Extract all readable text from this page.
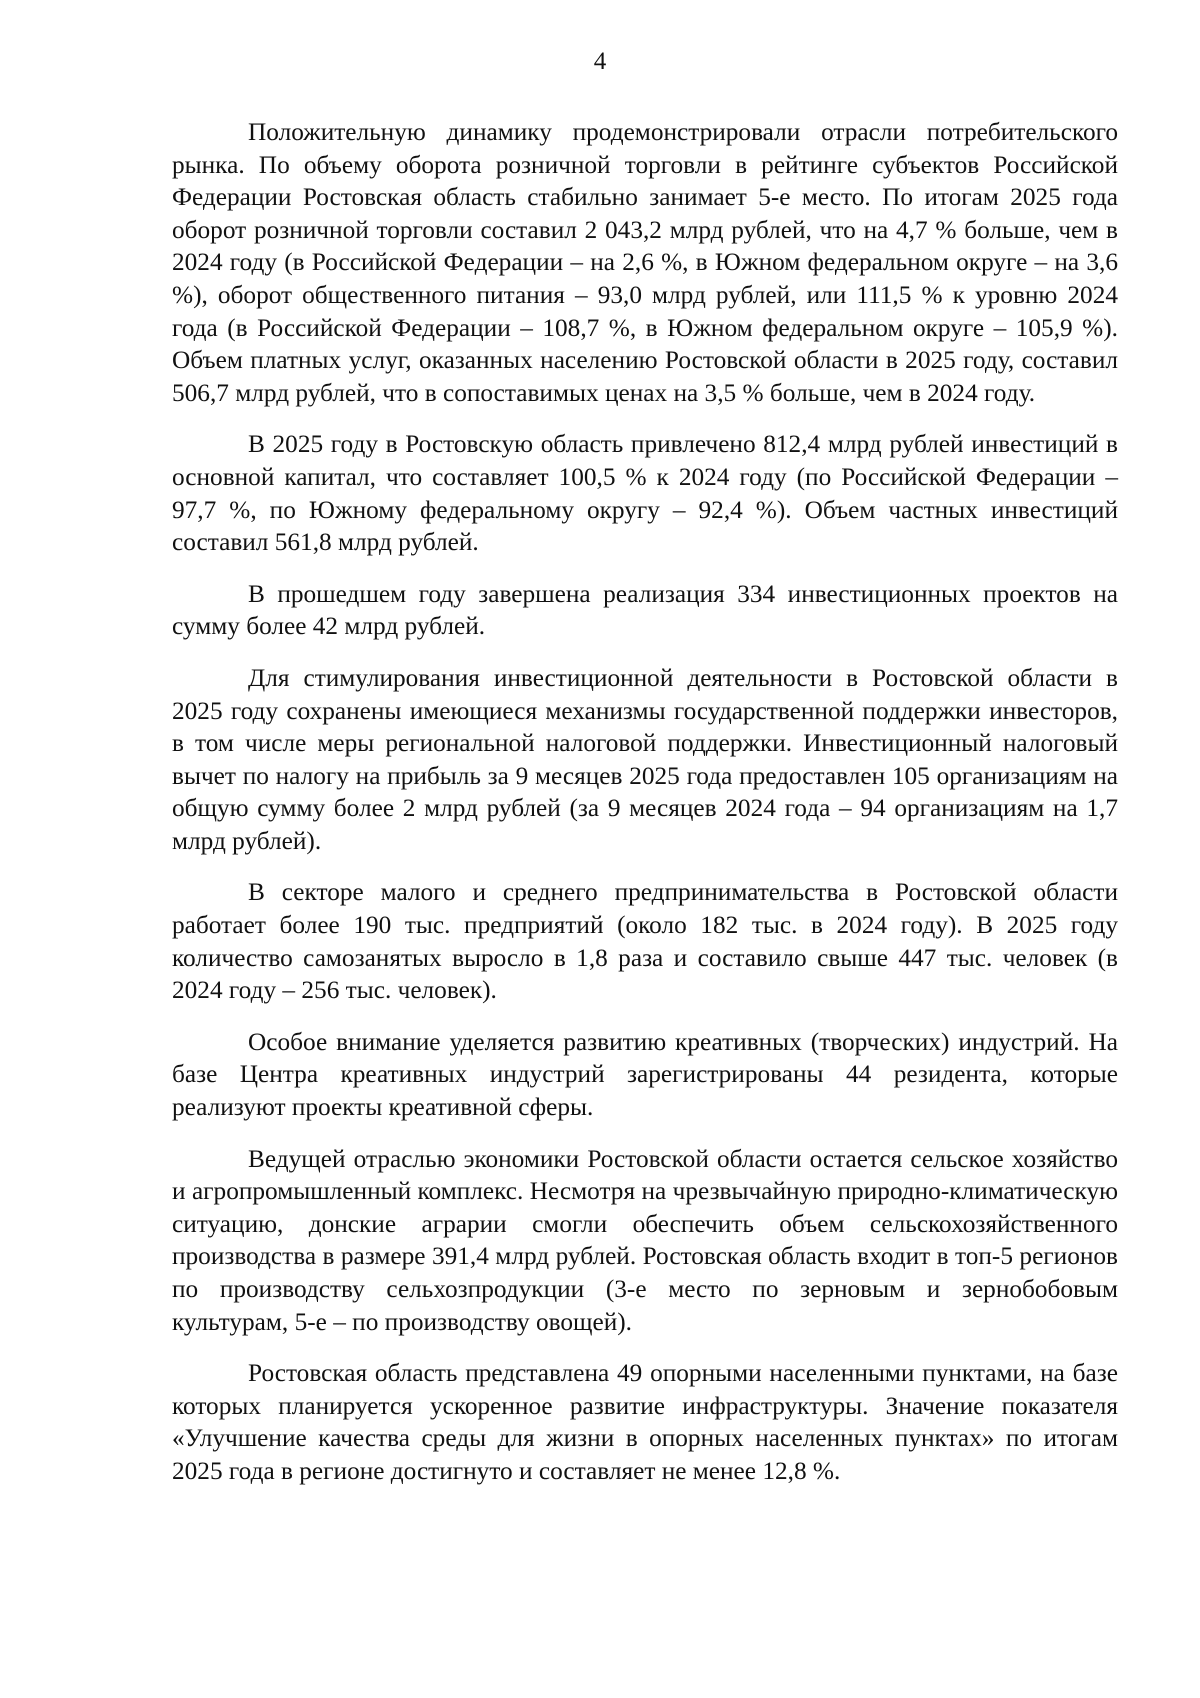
4

Положительную динамику продемонстрировали отрасли потребительского рынка. По объему оборота розничной торговли в рейтинге субъектов Российской Федерации Ростовская область стабильно занимает 5-е место. По итогам 2025 года оборот розничной торговли составил 2 043,2 млрд рублей, что на 4,7 % больше, чем в 2024 году (в Российской Федерации – на 2,6 %, в Южном федеральном округе – на 3,6 %), оборот общественного питания – 93,0 млрд рублей, или 111,5 % к уровню 2024 года (в Российской Федерации – 108,7 %, в Южном федеральном округе – 105,9 %). Объем платных услуг, оказанных населению Ростовской области в 2025 году, составил 506,7 млрд рублей, что в сопоставимых ценах на 3,5 % больше, чем в 2024 году.

В 2025 году в Ростовскую область привлечено 812,4 млрд рублей инвестиций в основной капитал, что составляет 100,5 % к 2024 году (по Российской Федерации – 97,7 %, по Южному федеральному округу – 92,4 %). Объем частных инвестиций составил 561,8 млрд рублей.

В прошедшем году завершена реализация 334 инвестиционных проектов на сумму более 42 млрд рублей.

Для стимулирования инвестиционной деятельности в Ростовской области в 2025 году сохранены имеющиеся механизмы государственной поддержки инвесторов, в том числе меры региональной налоговой поддержки. Инвестиционный налоговый вычет по налогу на прибыль за 9 месяцев 2025 года предоставлен 105 организациям на общую сумму более 2 млрд рублей (за 9 месяцев 2024 года – 94 организациям на 1,7 млрд рублей).

В секторе малого и среднего предпринимательства в Ростовской области работает более 190 тыс. предприятий (около 182 тыс. в 2024 году). В 2025 году количество самозанятых выросло в 1,8 раза и составило свыше 447 тыс. человек (в 2024 году – 256 тыс. человек).

Особое внимание уделяется развитию креативных (творческих) индустрий. На базе Центра креативных индустрий зарегистрированы 44 резидента, которые реализуют проекты креативной сферы.

Ведущей отраслью экономики Ростовской области остается сельское хозяйство и агропромышленный комплекс. Несмотря на чрезвычайную природно-климатическую ситуацию, донские аграрии смогли обеспечить объем сельскохозяйственного производства в размере 391,4 млрд рублей. Ростовская область входит в топ-5 регионов по производству сельхозпродукции (3-е место по зерновым и зернобобовым культурам, 5-е – по производству овощей).

Ростовская область представлена 49 опорными населенными пунктами, на базе которых планируется ускоренное развитие инфраструктуры. Значение показателя «Улучшение качества среды для жизни в опорных населенных пунктах» по итогам 2025 года в регионе достигнуто и составляет не менее 12,8 %.
